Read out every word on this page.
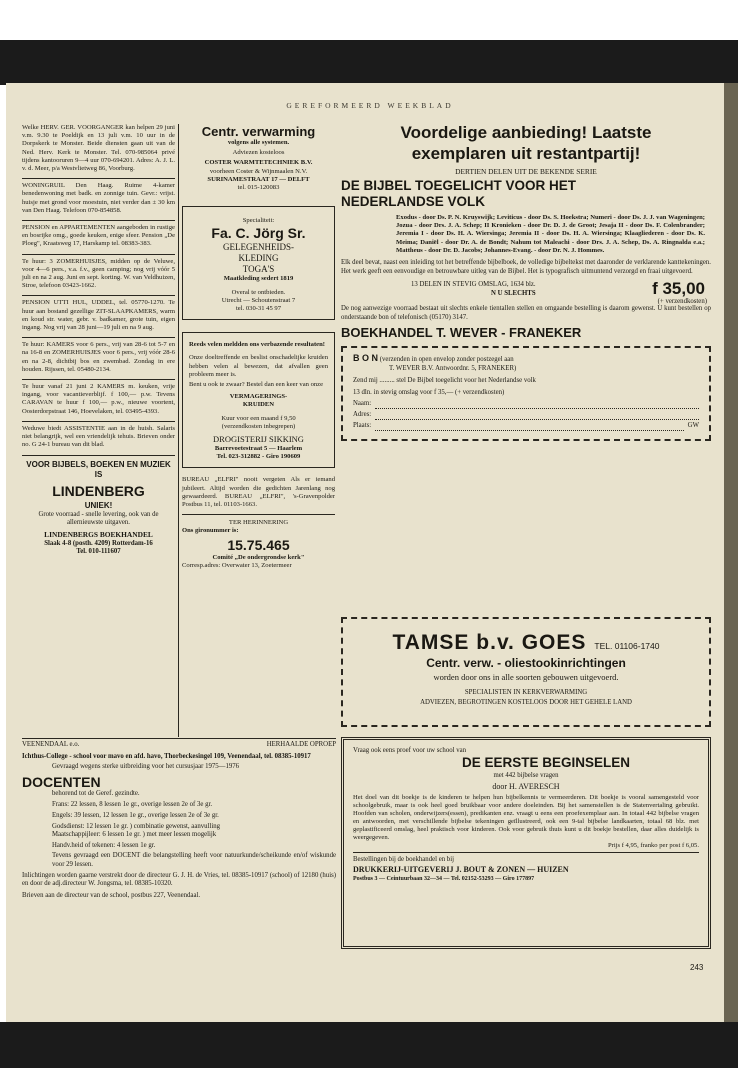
GEREFORMEERD WEEKBLAD

Welke HERV. GER. VOORGANGER kan helpen 29 juni v.m. 9.30 te Poeldijk en 13 juli v.m. 10 uur in de Dorpskerk te Monster. Beide diensten gaan uit van de Ned. Herv. Kerk te Monster. Tel. 070-985064 privé tijdens kantooruren 9—4 uur 070-694201. Adres: A. J. L. v. d. Meer, p/a Westvlietweg 86, Voorburg.

WONINGRUIL Den Haag. Ruime 4-kamer benedenwoning met badk. en zonnige tuin. Gevr.: vrijst. huisje met grond voor moestuin, niet verder dan ± 30 km van Den Haag. Telefoon 070-854858.

PENSION en APPARTEMENTEN aangeboden in rustige en bosrijke omg., goede keuken, enige sfeer. Pension „De Ploeg", Kraatsweg 17, Harskamp tel. 08383-383.

Te huur: 3 ZOMERHUISJES, midden op de Veluwe, voor 4—6 pers., v.a. f.v., geen camping; nog vrij vóór 5 juli en na 2 aug. Juni en sept. korting. W. van Veldhuizen, Stroe, telefoon 03423-1662.

PENSION UTTI HUL, UDDEL, tel. 05770-1270. Te huur aan bostand gezellige ZIT-SLAAPKAMERS, warm en koud str. water, gebr. v. badkamer, grote tuin, eigen ingang. Nog vrij van 28 juni—19 juli en na 9 aug.

Te huur: KAMERS voor 6 pers., vrij van 28-6 tot 5-7 en na 16-8 en ZOMERHUISJES voor 6 pers., vrij vóór 28-6 en na 2-8, dichtbij bos en zwembad. Zondag in ere houden. Rijssen, tel. 05480-2134.

Te huur vanaf 21 juni 2 KAMERS m. keuken, vrije ingang, voor vacantieverblijf. f 100,— p.w. Tevens CARAVAN te huur f 100,— p.w., nieuwe voortent, Oosterdorpstraat 146, Hoevelaken, tel. 03495-4393.

Weduwe biedt ASSISTENTIE aan in de huish. Salaris niet belangrijk, wel een vriendelijk tehuis. Brieven onder no. G 24-1 bureau van dit blad.

VOOR BIJBELS, BOEKEN EN MUZIEK IS
LINDENBERG
UNIEK!
Grote voorraad - snelle levering, ook van de allernieuwste uitgaven.
LINDENBERGS BOEKHANDEL
Slaak 4-8 (posth. 4209) Rotterdam-16
Tel. 010-111607
Centr. verwarming
volgens alle systemen.
Adviezen kosteloos
COSTER WARMTETECHNIEK B.V.
voorheen Coster & Wijnmaalen N.V.
SURINAMESTRAAT 17 — DELFT
tel. 015-120083
Specialiteit:
Fa. C. Jörg Sr.
GELEGENHEIDS-
KLEDING
TOGA'S
Maatkleding sedert 1819
Overal te ontbieden.
Utrecht — Schoutenstraat 7
tel. 030-31 45 97

Reeds velen meldden ons verbazende resultaten!

Onze doeltreffende en beslist onschadelijke kruiden hebben velen al bewezen, dat afvallen geen probleem meer is.

Bent u ook te zwaar? Bestel dan een keer van onze

VERMAGERINGS-
KRUIDEN
Kuur voor een maand f 9,50
(verzendkosten inbegrepen)
DROGISTERIJ SIKKING
Barrevoetestraat 5 — Haarlem
Tel. 023-312882 - Giro 190609

BUREAU „ELFRI" nooit vergeten Als er iemand jubileert. Altijd worden die gedichten Jarenlang nog gewaardeerd. BUREAU „ELFRI", 's-Gravenpolder Postbus 11, tel. 01103-1663.

TER HERINNERING
Ons gironummer is:
15.75.465
Comité „De ondergrondse kerk"
Corresp.adres: Overwater 13, Zoetermeer
Voordelige aanbieding! Laatste
exemplaren uit restantpartij!
DERTIEN DELEN UIT DE BEKENDE SERIE
DE BIJBEL TOEGELICHT VOOR HET
NEDERLANDSE VOLK

Exodus - door Ds. P. N. Kruyswijk; Leviticus - door Ds. S. Hoekstra; Numeri - door Ds. J. J. van Wageningen; Jozua - door Drs. J. A. Schep; II Kronieken - door Dr. D. J. de Groot; Jesaja II - door Ds. F. Colenbrander; Jeremia I - door Ds. H. A. Wiersinga; Jeremia II - door Ds. H. A. Wiersinga; Klaagliederen - door Ds. K. Meima; Daniël - door Dr. A. de Bondt; Nahum tot Maleachi - door Drs. J. A. Schep, Ds. A. Ringnalda e.a.; Mattheus - door Dr. D. Jacobs; Johannes-Evang. - door Dr. N. J. Hommes.

Elk deel bevat, naast een inleiding tot het betreffende bijbelboek, de volledige bijbeltekst met daaronder de verklarende kanttekeningen. Het werk geeft een eenvoudige en betrouwbare uitleg van de Bijbel. Het is typografisch uitmuntend verzorgd en fraai uitgevoerd.

13 DELEN IN STEVIG OMSLAG, 1634 blz.
N U SLECHTS	f 35,00
(+ verzendkosten)

De nog aanwezige voorraad bestaat uit slechts enkele tientallen stellen en omgaande bestelling is daarom gewenst. U kunt bestellen op onderstaande bon of telefonisch (05170) 3147.

BOEKHANDEL T. WEVER - FRANEKER
B O N (verzenden in open envelop zonder postzegel aan
T. WEVER B.V. Antwoordnr. 5, FRANEKER)
Zend mij ......... stel De Bijbel toegelicht voor het Nederlandse volk
13 dln. in stevig omslag voor f 35,— (+ verzendkosten)
Naam:
Adres:
Plaats:	GW
TAMSE b.v. GOES TEL. 01106-1740
Centr. verw. - oliestookinrichtingen
worden door ons in alle soorten gebouwen uitgevoerd.
SPECIALISTEN IN KERKVERWARMING
ADVIEZEN, BEGROTINGEN KOSTELOOS DOOR HET GEHELE LAND
VEENENDAAL e.o.	HERHAALDE OPROEP

Ichthus-College - school voor mavo en afd. havo, Thorbeckesingel 109, Veenendaal, tel. 08385-10917

Gevraagd wegens sterke uitbreiding voor het cursusjaar 1975—1976

DOCENTEN

behorend tot de Geref. gezindte.

Frans: 22 lessen, 8 lessen 1e gr., overige lessen 2e of 3e gr.

Engels: 39 lessen, 12 lessen 1e gr., overige lessen 2e of 3e gr.

Godsdienst: 12 lessen 1e gr. ) combinatie gewenst, aanvulling

Maatschappijleer: 6 lessen 1e gr. ) met meer lessen mogelijk

Handv.heid of tekenen: 4 lessen 1e gr.

Tevens gevraagd een DOCENT die belangstelling heeft voor natuurkunde/scheikunde en/of wiskunde voor 29 lessen.

Inlichtingen worden gaarne verstrekt door de directeur G. J. H. de Vries, tel. 08385-10917 (school) of 12180 (huis) en door de adj.directeur W. Jongsma, tel. 08385-10320.

Brieven aan de directeur van de school, postbus 227, Veenendaal.

Vraag ook eens proef voor uw school van
DE EERSTE BEGINSELEN
met 442 bijbelse vragen
door H. AVERESCH

Het doel van dit boekje is de kinderen te helpen hun bijbelkennis te vermeerderen. Dit boekje is vooral samengesteld voor schoolgebruik, maar is ook heel goed bruikbaar voor andere doeleinden. Bij het samenstellen is de Statenvertaling gebruikt. Hoofden van scholen, onderwijzers(essen), predikanten enz. vraagt u eens een proefexemplaar aan. In totaal 442 bijbelse vragen en antwoorden, met verschillende bijbelse tekeningen geïllustreerd, ook een 9-tal bijbelse landkaarten, totaal 68 blz. met geplastificeerd omslag, heel praktisch voor kinderen. Ook voor gebruik thuis kunt u dit boekje bestellen, daar alles duidelijk is weergegeven.

Prijs f 4,95, franko per post f 6,05.
Bestellingen bij de boekhandel en bij
DRUKKERIJ-UITGEVERIJ J. BOUT & ZONEN — HUIZEN
Postbus 3 — Ceintuurbaan 32—34 — Tel. 02152-53293 — Giro 177897
243
